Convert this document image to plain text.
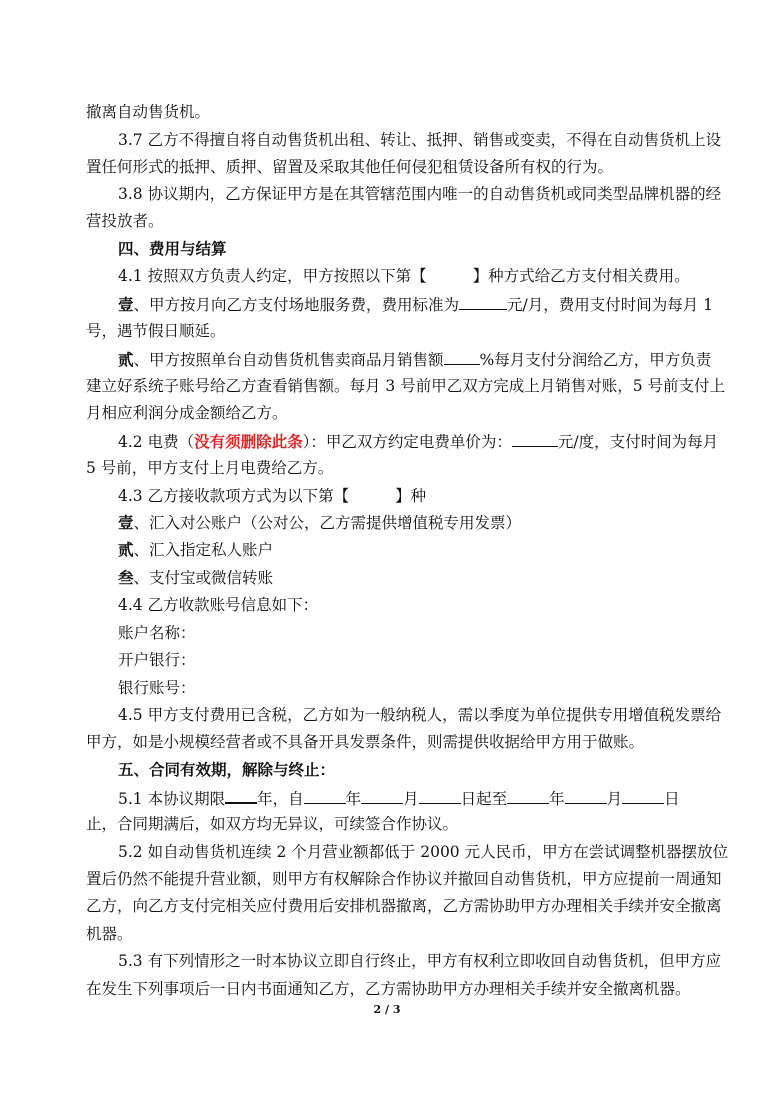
撤离自动售货机。
3.7 乙方不得擅自将自动售货机出租、转让、抵押、销售或变卖，不得在自动售货机上设
置任何形式的抵押、质押、留置及采取其他任何侵犯租赁设备所有权的行为。
3.8 协议期内，乙方保证甲方是在其管辖范围内唯一的自动售货机或同类型品牌机器的经
营投放者。
四、费用与结算
4.1 按照双方负责人约定，甲方按照以下第【	】种方式给乙方支付相关费用。
壹、甲方按月向乙方支付场地服务费，费用标准为	元/月，费用支付时间为每月 1
号，遇节假日顺延。
贰、甲方按照单台自动售货机售卖商品月销售额 %每月支付分润给乙方，甲方负责
建立好系统子账号给乙方查看销售额。每月 3 号前甲乙双方完成上月销售对账，5 号前支付上
月相应利润分成金额给乙方。
4.2 电费（没有须删除此条）：甲乙双方约定电费单价为：	元/度，支付时间为每月
5 号前，甲方支付上月电费给乙方。
4.3 乙方接收款项方式为以下第【	】种
壹、汇入对公账户（公对公，乙方需提供增值税专用发票）
贰、汇入指定私人账户
叁、支付宝或微信转账
4.4 乙方收款账号信息如下：
账户名称：
开户银行：
银行账号：
4.5 甲方支付费用已含税，乙方如为一般纳税人，需以季度为单位提供专用增值税发票给
甲方，如是小规模经营者或不具备开具发票条件，则需提供收据给甲方用于做账。
五、合同有效期，解除与终止：
5.1 本协议期限 年，自	年	月	日起至	年	月	日
止，合同期满后，如双方均无异议，可续签合作协议。
5.2 如自动售货机连续 2 个月营业额都低于 2000 元人民币，甲方在尝试调整机器摆放位
置后仍然不能提升营业额，则甲方有权解除合作协议并撤回自动售货机，甲方应提前一周通知
乙方，向乙方支付完相关应付费用后安排机器撤离，乙方需协助甲方办理相关手续并安全撤离
机器。
5.3 有下列情形之一时本协议立即自行终止，甲方有权利立即收回自动售货机，但甲方应
在发生下列事项后一日内书面通知乙方，乙方需协助甲方办理相关手续并安全撤离机器。
2 / 3
